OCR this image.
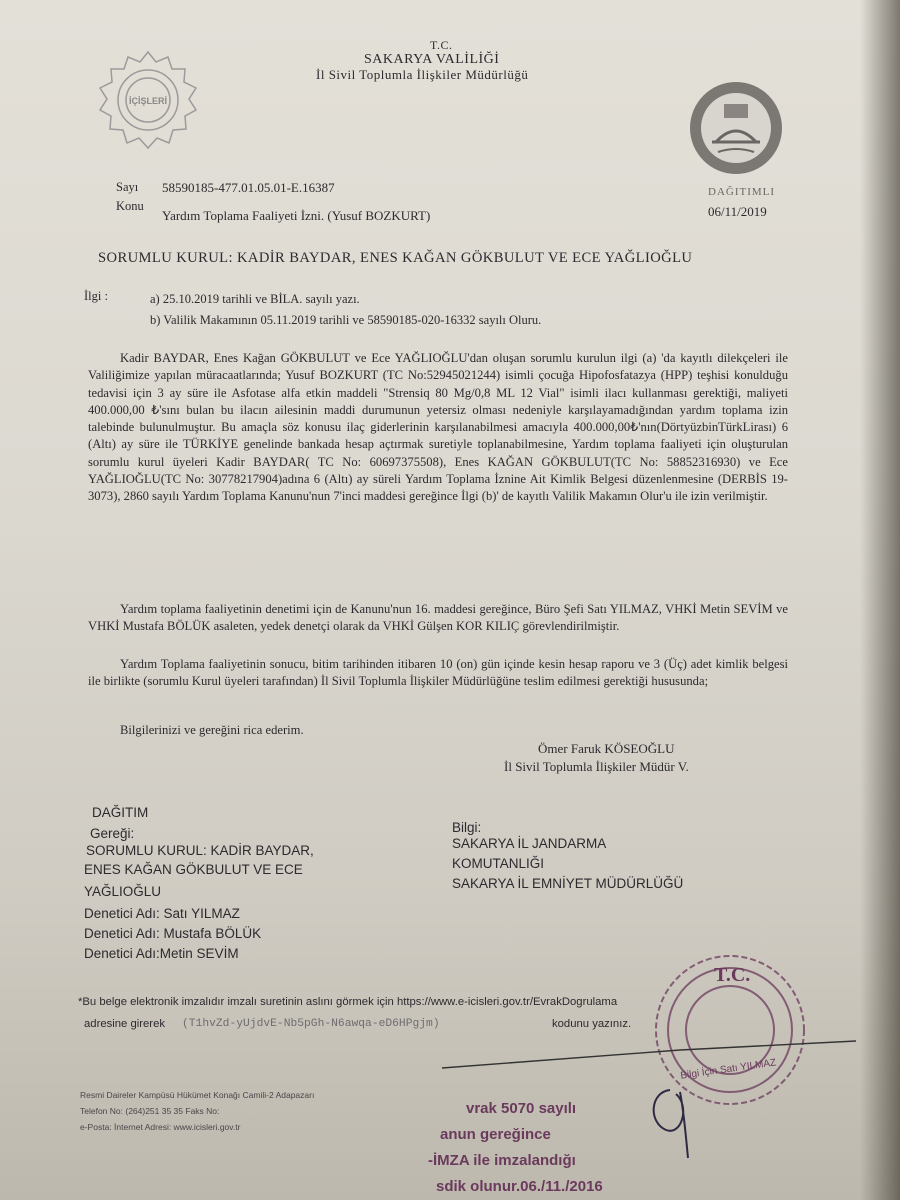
İÇİŞLERİ
T.C.
SAKARYA VALİLİĞİ
İl Sivil Toplumla İlişkiler Müdürlüğü
Sayı 58590185-477.01.05.01-E.16387
Konu
Yardım Toplama Faaliyeti İzni. (Yusuf BOZKURT)
DAĞITIMLI
06/11/2019
SORUMLU KURUL: KADİR BAYDAR, ENES KAĞAN GÖKBULUT VE ECE YAĞLIOĞLU
İlgi :	a) 25.10.2019 tarihli ve BİLA. sayılı yazı.
b) Valilik Makamının 05.11.2019 tarihli ve 58590185-020-16332 sayılı Oluru.
Kadir BAYDAR, Enes Kağan GÖKBULUT ve Ece YAĞLIOĞLU'dan oluşan sorumlu kurulun ilgi (a) 'da kayıtlı dilekçeleri ile Valiliğimize yapılan müracaatlarında; Yusuf BOZKURT (TC No:52945021244) isimli çocuğa Hipofosfatazya (HPP) teşhisi konulduğu tedavisi için 3 ay süre ile Asfotase alfa etkin maddeli "Strensiq 80 Mg/0,8 ML 12 Vial" isimli ilacı kullanması gerektiği, maliyeti 400.000,00 ₺'sını bulan bu ilacın ailesinin maddi durumunun yetersiz olması nedeniyle karşılayamadığından yardım toplama izin talebinde bulunulmuştur. Bu amaçla söz konusu ilaç giderlerinin karşılanabilmesi amacıyla 400.000,00₺'nın(DörtyüzbinTürkLirası) 6 (Altı) ay süre ile TÜRKİYE genelinde bankada hesap açtırmak suretiyle toplanabilmesine, Yardım toplama faaliyeti için oluşturulan sorumlu kurul üyeleri Kadir BAYDAR( TC No: 60697375508), Enes KAĞAN GÖKBULUT(TC No: 58852316930) ve Ece YAĞLIOĞLU(TC No: 30778217904)adına 6 (Altı) ay süreli Yardım Toplama İznine Ait Kimlik Belgesi düzenlenmesine (DERBİS 19-3073), 2860 sayılı Yardım Toplama Kanunu'nun 7'inci maddesi gereğince İlgi (b)' de kayıtlı Valilik Makamın Olur'u ile izin verilmiştir.
Yardım toplama faaliyetinin denetimi için de Kanunu'nun 16. maddesi gereğince, Büro Şefi Satı YILMAZ, VHKİ Metin SEVİM ve VHKİ Mustafa BÖLÜK asaleten, yedek denetçi olarak da VHKİ Gülşen KOR KILIÇ görevlendirilmiştir.
Yardım Toplama faaliyetinin sonucu, bitim tarihinden itibaren 10 (on) gün içinde kesin hesap raporu ve 3 (Üç) adet kimlik belgesi ile birlikte (sorumlu Kurul üyeleri tarafından) İl Sivil Toplumla İlişkiler Müdürlüğüne teslim edilmesi gerektiği hususunda;
Bilgilerinizi ve gereğini rica ederim.
Ömer Faruk KÖSEOĞLU
İl Sivil Toplumla İlişkiler Müdür V.
DAĞITIM
Gereği:
SORUMLU KURUL: KADİR BAYDAR,
ENES KAĞAN GÖKBULUT VE ECE
YAĞLIOĞLU
Denetici Adı: Satı YILMAZ
Denetici Adı: Mustafa BÖLÜK
Denetici Adı:Metin SEVİM
Bilgi:
SAKARYA İL JANDARMA
KOMUTANLIĞI
SAKARYA İL EMNİYET MÜDÜRLÜĞÜ
T.C.
Bilgi İçin Satı YILMAZ
*Bu belge elektronik imzalıdır imzalı suretinin aslını görmek için https://www.e-icisleri.gov.tr/EvrakDogrulama
adresine girerek (T1hvZd-yUjdvE-Nb5pGh-N6awqa-eD6HPgjm)	kodunu yazınız.
Resmi Daireler Kampüsü Hükümet Konağı Camili-2 Adapazarı
Telefon No: (264)251 35 35 Faks No:
e-Posta: İnternet Adresi: www.icisleri.gov.tr
vrak 5070 sayılı
anun gereğince
-İMZA ile imzalandığı
sdik olunur.06./11./2016
